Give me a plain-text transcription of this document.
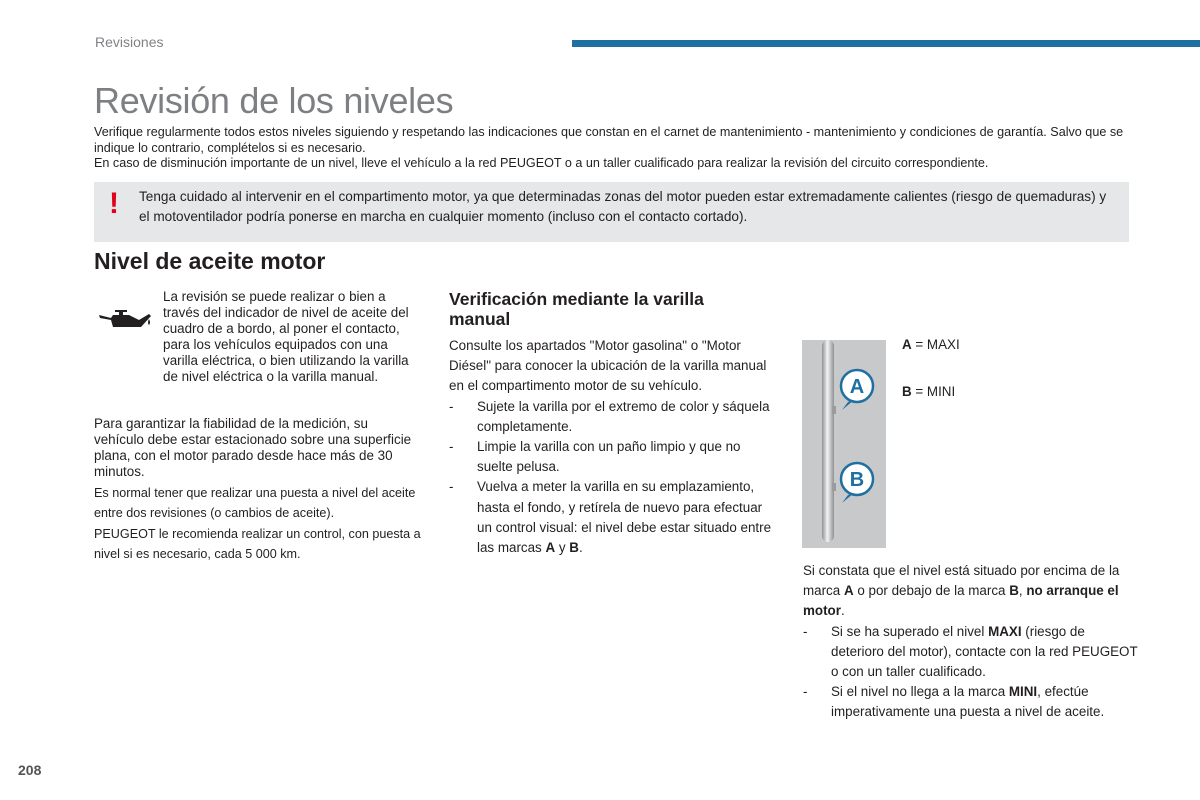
Revisiones
Revisión de los niveles

Verifique regularmente todos estos niveles siguiendo y respetando las indicaciones que constan en el carnet de mantenimiento - mantenimiento y condiciones de garantía. Salvo que se indique lo contrario, complételos si es necesario.

En caso de disminución importante de un nivel, lleve el vehículo a la red PEUGEOT o a un taller cualificado para realizar la revisión del circuito correspondiente.

! Tenga cuidado al intervenir en el compartimento motor, ya que determinadas zonas del motor pueden estar extremadamente calientes (riesgo de quemaduras) y el motoventilador podría ponerse en marcha en cualquier momento (incluso con el contacto cortado).
Nivel de aceite motor

La revisión se puede realizar o bien a través del indicador de nivel de aceite del cuadro de a bordo, al poner el contacto, para los vehículos equipados con una varilla eléctrica, o bien utilizando la varilla de nivel eléctrica o la varilla manual.

Para garantizar la fiabilidad de la medición, su vehículo debe estar estacionado sobre una superficie plana, con el motor parado desde hace más de 30 minutos.

Es normal tener que realizar una puesta a nivel del aceite entre dos revisiones (o cambios de aceite).

PEUGEOT le recomienda realizar un control, con puesta a nivel si es necesario, cada 5 000 km.

Verificación mediante la varilla manual

Consulte los apartados "Motor gasolina" o "Motor Diésel" para conocer la ubicación de la varilla manual en el compartimento motor de su vehículo.

- Sujete la varilla por el extremo de color y sáquela completamente.
- Limpie la varilla con un paño limpio y que no suelte pelusa.
- Vuelva a meter la varilla en su emplazamiento, hasta el fondo, y retírela de nuevo para efectuar un control visual: el nivel debe estar situado entre las marcas A y B.
A
B
A = MAXI
B = MINI

Si constata que el nivel está situado por encima de la marca A o por debajo de la marca B, no arranque el motor.

- Si se ha superado el nivel MAXI (riesgo de deterioro del motor), contacte con la red PEUGEOT o con un taller cualificado.
- Si el nivel no llega a la marca MINI, efectúe imperativamente una puesta a nivel de aceite.
208
